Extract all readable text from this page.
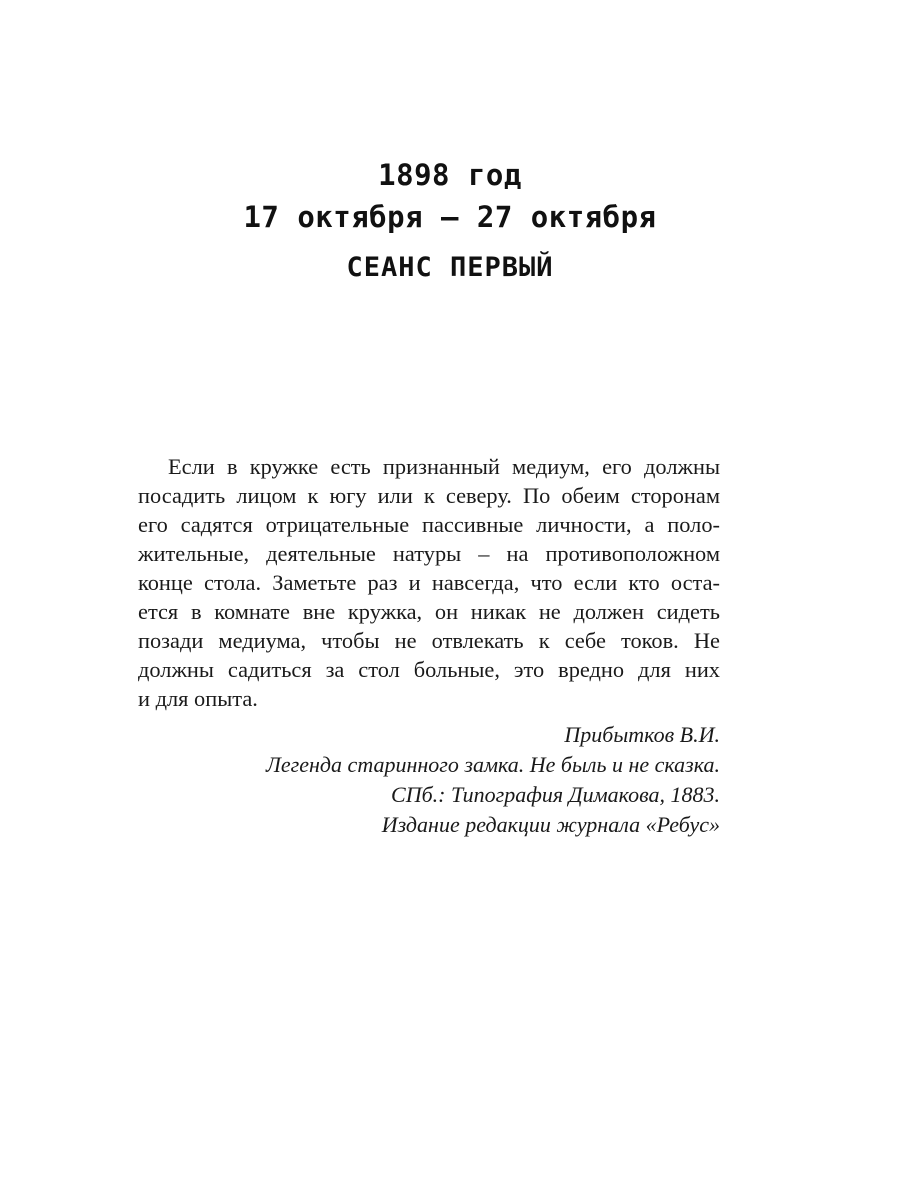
1898 год
17 октября – 27 октября
СЕАНС ПЕРВЫЙ
Если в кружке есть признанный медиум, его должны
посадить лицом к югу или к северу. По обеим сторонам
его садятся отрицательные пассивные личности, а поло-
жительные, деятельные натуры – на противоположном
конце стола. Заметьте раз и навсегда, что если кто оста-
ется в комнате вне кружка, он никак не должен сидеть
позади медиума, чтобы не отвлекать к себе токов. Не
должны садиться за стол больные, это вредно для них
и для опыта.
Прибытков В.И.
Легенда старинного замка. Не быль и не сказка.
СПб.: Типография Димакова, 1883.
Издание редакции журнала «Ребус»
